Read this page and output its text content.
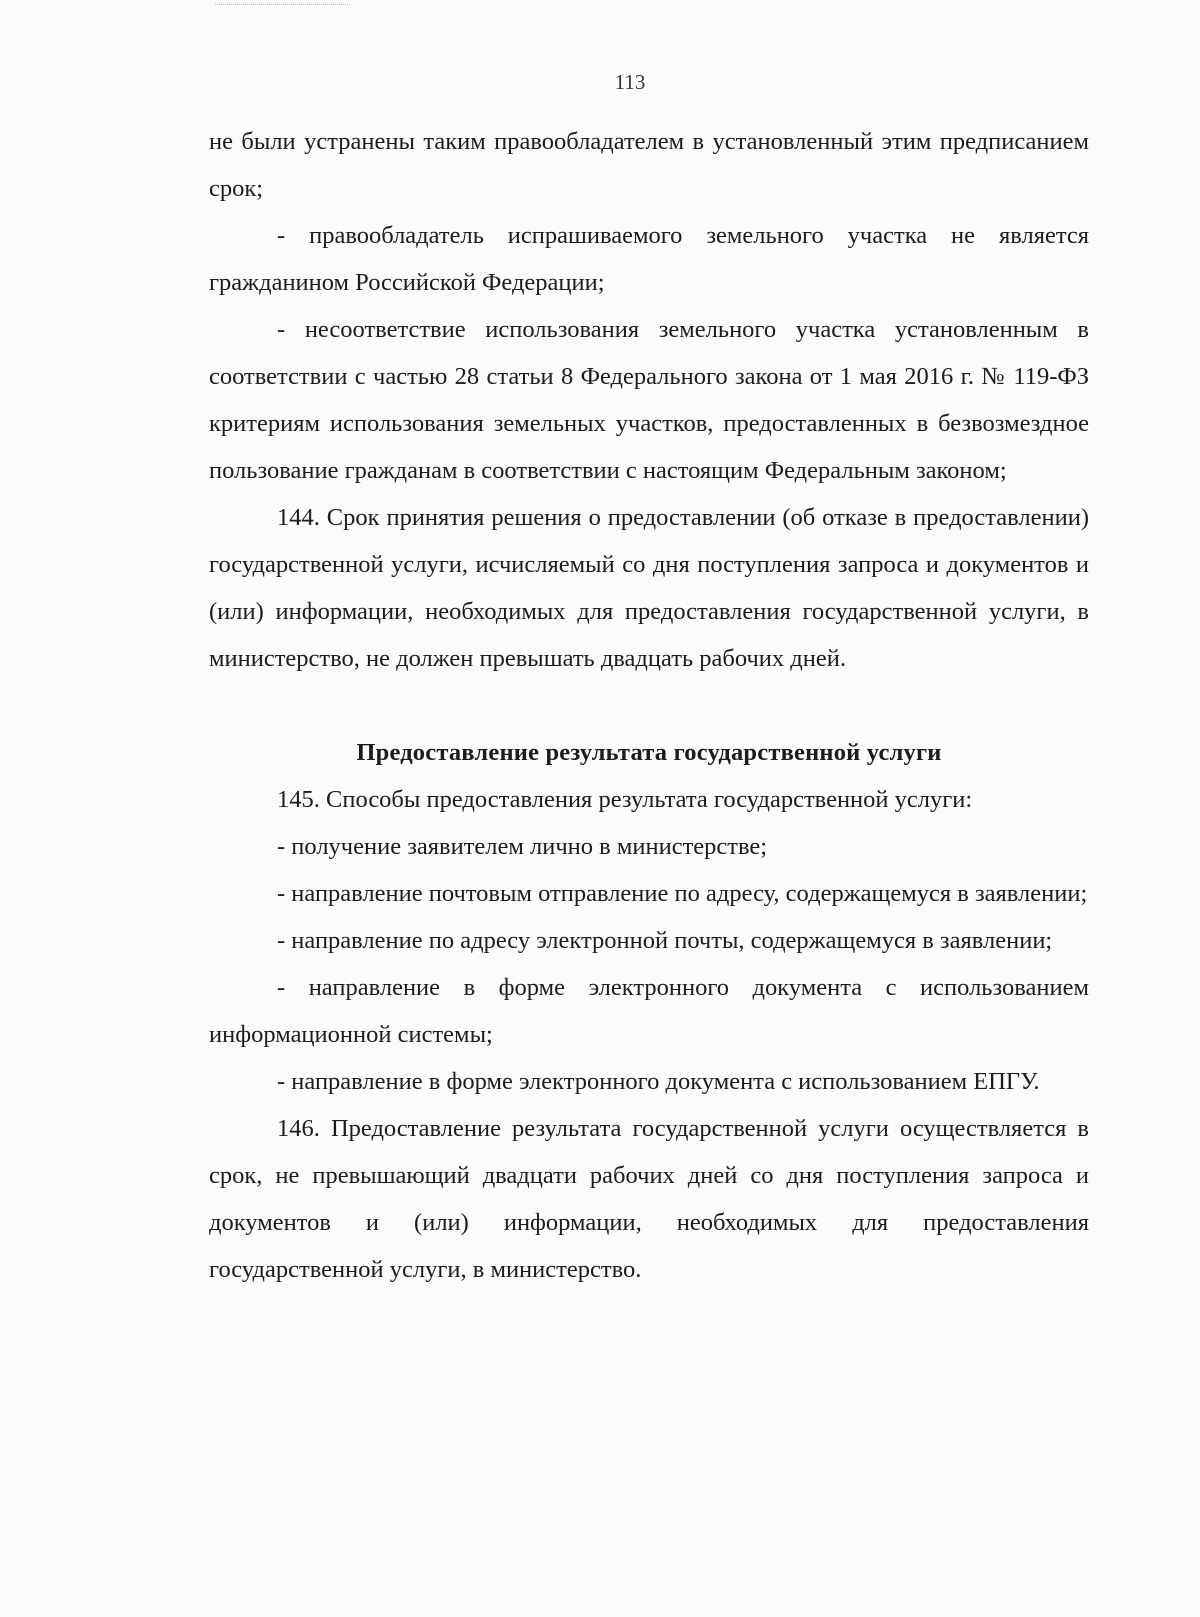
113

не были устранены таким правообладателем в установленный этим предписанием срок;

- правообладатель испрашиваемого земельного участка не является гражданином Российской Федерации;

- несоответствие использования земельного участка установленным в соответствии с частью 28 статьи 8 Федерального закона от 1 мая 2016 г. № 119-ФЗ критериям использования земельных участков, предоставленных в безвозмездное пользование гражданам в соответствии с настоящим Федеральным законом;

144. Срок принятия решения о предоставлении (об отказе в предоставлении) государственной услуги, исчисляемый со дня поступления запроса и документов и (или) информации, необходимых для предоставления государственной услуги, в министерство, не должен превышать двадцать рабочих дней.

Предоставление результата государственной услуги

145. Способы предоставления результата государственной услуги:

- получение заявителем лично в министерстве;

- направление почтовым отправление по адресу, содержащемуся в заявлении;

- направление по адресу электронной почты, содержащемуся в заявлении;

- направление в форме электронного документа с использованием информационной системы;

- направление в форме электронного документа с использованием ЕПГУ.

146. Предоставление результата государственной услуги осуществляется в срок, не превышающий двадцати рабочих дней со дня поступления запроса и документов и (или) информации, необходимых для предоставления государственной услуги, в министерство.
